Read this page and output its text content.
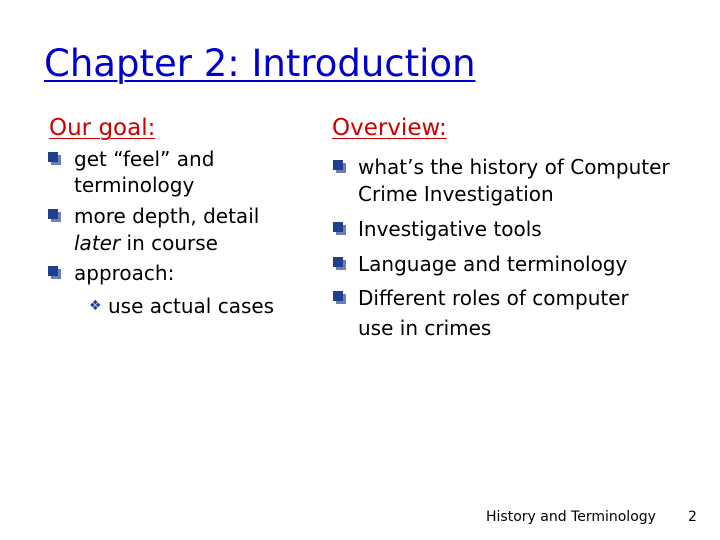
Chapter 2: Introduction
Our goal:
get “feel” and
terminology
more depth, detail
later in course
approach:
❖ use actual cases
Overview:
what’s the history of Computer
Crime Investigation
Investigative tools
Language and terminology
Different roles of computer
use in crimes
History and Terminology 2
